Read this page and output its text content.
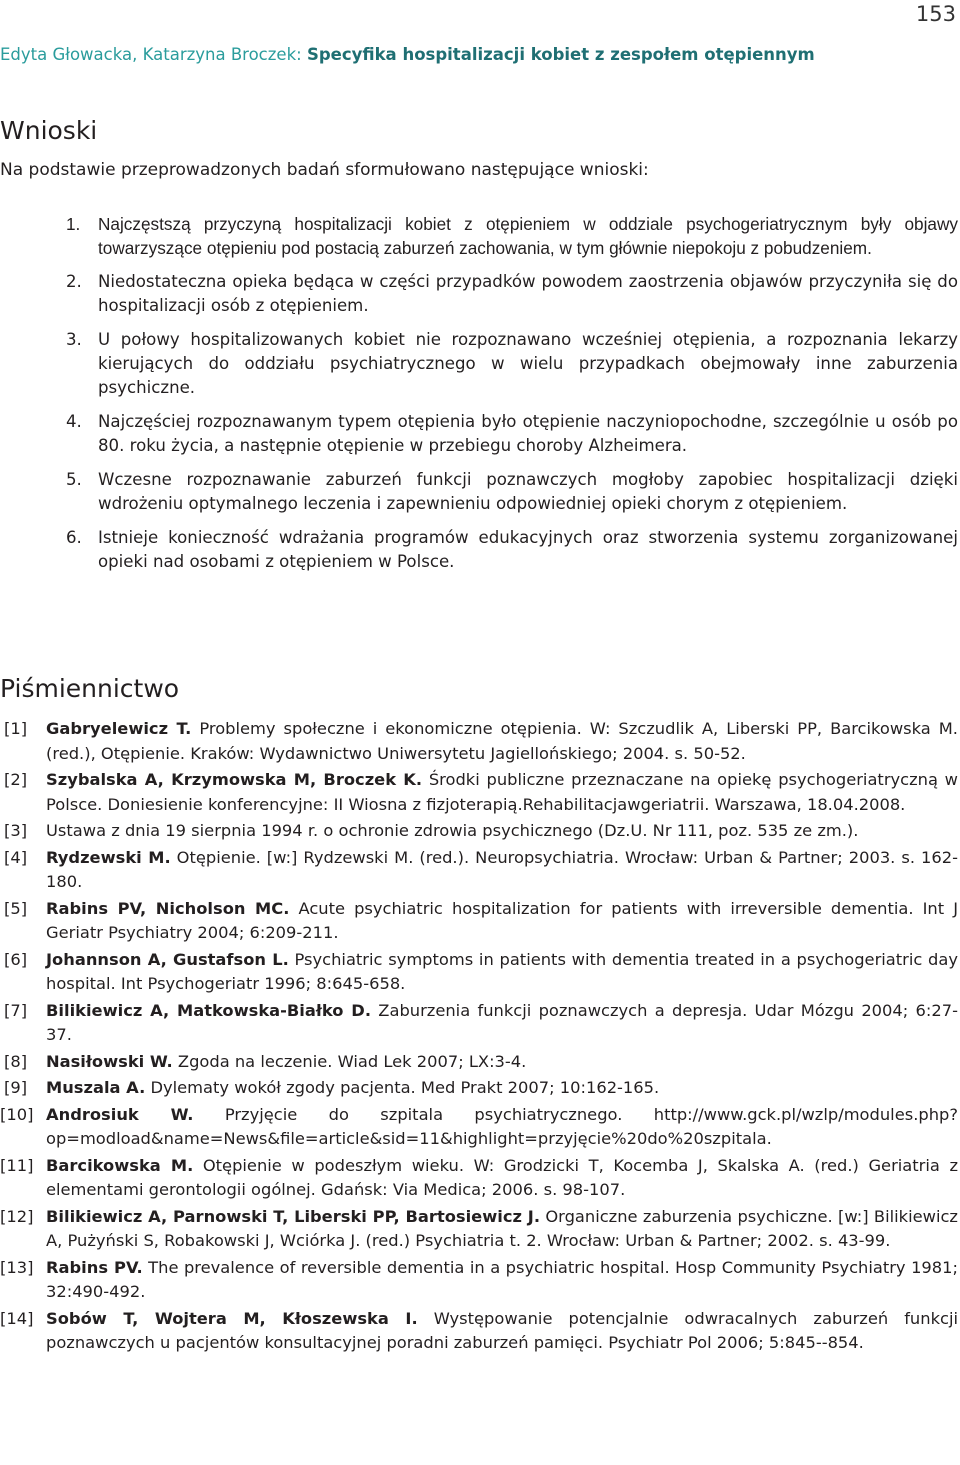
153
Edyta Głowacka, Katarzyna Broczek: Specyfika hospitalizacji kobiet z zespołem otępiennym
Wnioski
Na podstawie przeprowadzonych badań sformułowano następujące wnioski:
1. Najczęstszą przyczyną hospitalizacji kobiet z otępieniem w oddziale psychogeriatrycznym były objawy towarzyszące otępieniu pod postacią zaburzeń zachowania, w tym głównie niepokoju z pobudzeniem.
2. Niedostateczna opieka będąca w części przypadków powodem zaostrzenia objawów przyczyniła się do hospitalizacji osób z otępieniem.
3. U połowy hospitalizowanych kobiet nie rozpoznawano wcześniej otępienia, a rozpoznania lekarzy kierujących do oddziału psychiatrycznego w wielu przypadkach obejmowały inne zaburzenia psychiczne.
4. Najczęściej rozpoznawanym typem otępienia było otępienie naczyniopochodne, szczególnie u osób po 80. roku życia, a następnie otępienie w przebiegu choroby Alzheimera.
5. Wczesne rozpoznawanie zaburzeń funkcji poznawczych mogłoby zapobiec hospitalizacji dzięki wdrożeniu optymalnego leczenia i zapewnieniu odpowiedniej opieki chorym z otępieniem.
6. Istnieje konieczność wdrażania programów edukacyjnych oraz stworzenia systemu zorganizowanej opieki nad osobami z otępieniem w Polsce.
Piśmiennictwo
[1] Gabryelewicz T. Problemy społeczne i ekonomiczne otępienia. W: Szczudlik A, Liberski PP, Barcikowska M. (red.), Otępienie. Kraków: Wydawnictwo Uniwersytetu Jagiellońskiego; 2004. s. 50-52.
[2] Szybalska A, Krzymowska M, Broczek K. Środki publiczne przeznaczane na opiekę psychogeriatryczną w Polsce. Doniesienie konferencyjne: II Wiosna z fizjoterapią.Rehabilitacjawgeriatrii. Warszawa, 18.04.2008.
[3] Ustawa z dnia 19 sierpnia 1994 r. o ochronie zdrowia psychicznego (Dz.U. Nr 111, poz. 535 ze zm.).
[4] Rydzewski M. Otępienie. [w:] Rydzewski M. (red.). Neuropsychiatria. Wrocław: Urban & Partner; 2003. s. 162-180.
[5] Rabins PV, Nicholson MC. Acute psychiatric hospitalization for patients with irreversible dementia. Int J Geriatr Psychiatry 2004; 6:209-211.
[6] Johannson A, Gustafson L. Psychiatric symptoms in patients with dementia treated in a psychogeriatric day hospital. Int Psychogeriatr 1996; 8:645-658.
[7] Bilikiewicz A, Matkowska-Białko D. Zaburzenia funkcji poznawczych a depresja. Udar Mózgu 2004; 6:27-37.
[8] Nasiłowski W. Zgoda na leczenie. Wiad Lek 2007; LX:3-4.
[9] Muszala A. Dylematy wokół zgody pacjenta. Med Prakt 2007; 10:162-165.
[10] Androsiuk W. Przyjęcie do szpitala psychiatrycznego. http://www.gck.pl/wzlp/modules.php?op=modload&name=News&file=article&sid=11&highlight=przyjęcie%20do%20szpitala.
[11] Barcikowska M. Otępienie w podeszłym wieku. W: Grodzicki T, Kocemba J, Skalska A. (red.) Geriatria z elementami gerontologii ogólnej. Gdańsk: Via Medica; 2006. s. 98-107.
[12] Bilikiewicz A, Parnowski T, Liberski PP, Bartosiewicz J. Organiczne zaburzenia psychiczne. [w:] Bilikiewicz A, Pużyński S, Robakowski J, Wciórka J. (red.) Psychiatria t. 2. Wrocław: Urban & Partner; 2002. s. 43-99.
[13] Rabins PV. The prevalence of reversible dementia in a psychiatric hospital. Hosp Community Psychiatry 1981; 32:490-492.
[14] Sobów T, Wojtera M, Kłoszewska I. Występowanie potencjalnie odwracalnych zaburzeń funkcji poznawczych u pacjentów konsultacyjnej poradni zaburzeń pamięci. Psychiatr Pol 2006; 5:845--854.
